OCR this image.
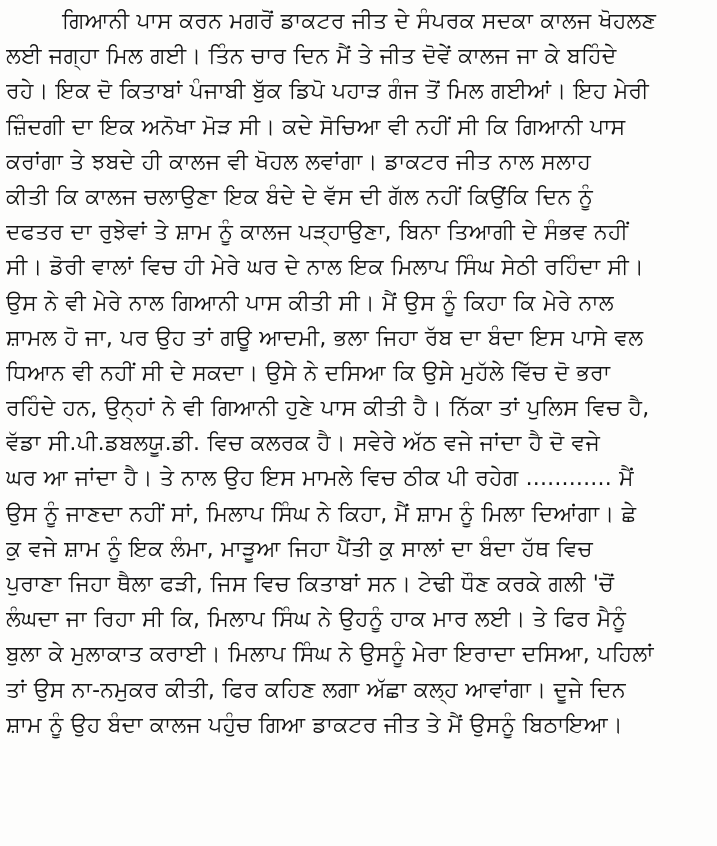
ਗਿਆਨੀ ਪਾਸ ਕਰਨ ਮਗਰੋਂ ਡਾਕਟਰ ਜੀਤ ਦੇ ਸੰਪਰਕ ਸਦਕਾ ਕਾਲਜ ਖੋਹਲਣ
ਲਈ ਜਗ੍ਹਾ ਮਿਲ ਗਈ। ਤਿੰਨ ਚਾਰ ਦਿਨ ਮੈਂ ਤੇ ਜੀਤ ਦੋਵੇਂ ਕਾਲਜ ਜਾ ਕੇ ਬਹਿੰਦੇ
ਰਹੇ। ਇਕ ਦੋ ਕਿਤਾਬਾਂ ਪੰਜਾਬੀ ਬੁੱਕ ਡਿਪੋ ਪਹਾੜ ਗੰਜ ਤੋਂ ਮਿਲ ਗਈਆਂ। ਇਹ ਮੇਰੀ
ਜ਼ਿੰਦਗੀ ਦਾ ਇਕ ਅਨੋਖਾ ਮੋੜ ਸੀ। ਕਦੇ ਸੋਚਿਆ ਵੀ ਨਹੀਂ ਸੀ ਕਿ ਗਿਆਨੀ ਪਾਸ
ਕਰਾਂਗਾ ਤੇ ਝਬਦੇ ਹੀ ਕਾਲਜ ਵੀ ਖੋਹਲ ਲਵਾਂਗਾ। ਡਾਕਟਰ ਜੀਤ ਨਾਲ ਸਲਾਹ
ਕੀਤੀ ਕਿ ਕਾਲਜ ਚਲਾਉਣਾ ਇਕ ਬੰਦੇ ਦੇ ਵੱਸ ਦੀ ਗੱਲ ਨਹੀਂ ਕਿਉਂਕਿ ਦਿਨ ਨੂੰ
ਦਫਤਰ ਦਾ ਰੁਝੇਵਾਂ ਤੇ ਸ਼ਾਮ ਨੂੰ ਕਾਲਜ ਪੜ੍ਹਾਉਣਾ, ਬਿਨਾ ਤਿਆਗੀ ਦੇ ਸੰਭਵ ਨਹੀਂ
ਸੀ। ਡੋਰੀ ਵਾਲਾਂ ਵਿਚ ਹੀ ਮੇਰੇ ਘਰ ਦੇ ਨਾਲ ਇਕ ਮਿਲਾਪ ਸਿੰਘ ਸੇਠੀ ਰਹਿੰਦਾ ਸੀ।
ਉਸ ਨੇ ਵੀ ਮੇਰੇ ਨਾਲ ਗਿਆਨੀ ਪਾਸ ਕੀਤੀ ਸੀ। ਮੈਂ ਉਸ ਨੂੰ ਕਿਹਾ ਕਿ ਮੇਰੇ ਨਾਲ
ਸ਼ਾਮਲ ਹੋ ਜਾ, ਪਰ ਉਹ ਤਾਂ ਗਊ ਆਦਮੀ, ਭਲਾ ਜਿਹਾ ਰੱਬ ਦਾ ਬੰਦਾ ਇਸ ਪਾਸੇ ਵਲ
ਧਿਆਨ ਵੀ ਨਹੀਂ ਸੀ ਦੇ ਸਕਦਾ। ਉਸੇ ਨੇ ਦਸਿਆ ਕਿ ਉਸੇ ਮੁਹੱਲੇ ਵਿੱਚ ਦੋ ਭਰਾ
ਰਹਿੰਦੇ ਹਨ, ਉਨ੍ਹਾਂ ਨੇ ਵੀ ਗਿਆਨੀ ਹੁਣੇ ਪਾਸ ਕੀਤੀ ਹੈ। ਨਿੱਕਾ ਤਾਂ ਪੁਲਿਸ ਵਿਚ ਹੈ,
ਵੱਡਾ ਸੀ.ਪੀ.ਡਬਲਯੂ.ਡੀ. ਵਿਚ ਕਲਰਕ ਹੈ। ਸਵੇਰੇ ਅੱਠ ਵਜੇ ਜਾਂਦਾ ਹੈ ਦੋ ਵਜੇ
ਘਰ ਆ ਜਾਂਦਾ ਹੈ। ਤੇ ਨਾਲ ਉਹ ਇਸ ਮਾਮਲੇ ਵਿਚ ਠੀਕ ਪੀ ਰਹੇਗ ............ ਮੈਂ
ਉਸ ਨੂੰ ਜਾਣਦਾ ਨਹੀਂ ਸਾਂ, ਮਿਲਾਪ ਸਿੰਘ ਨੇ ਕਿਹਾ, ਮੈਂ ਸ਼ਾਮ ਨੂੰ ਮਿਲਾ ਦਿਆਂਗਾ। ਛੇ
ਕੁ ਵਜੇ ਸ਼ਾਮ ਨੂੰ ਇਕ ਲੰਮਾ, ਮਾੜੂਆ ਜਿਹਾ ਪੈਂਤੀ ਕੁ ਸਾਲਾਂ ਦਾ ਬੰਦਾ ਹੱਥ ਵਿਚ
ਪੁਰਾਣਾ ਜਿਹਾ ਥੈਲਾ ਫੜੀ, ਜਿਸ ਵਿਚ ਕਿਤਾਬਾਂ ਸਨ। ਟੇਢੀ ਧੌਣ ਕਰਕੇ ਗਲੀ 'ਚੋਂ
ਲੰਘਦਾ ਜਾ ਰਿਹਾ ਸੀ ਕਿ, ਮਿਲਾਪ ਸਿੰਘ ਨੇ ਉਹਨੂੰ ਹਾਕ ਮਾਰ ਲਈ। ਤੇ ਫਿਰ ਮੈਨੂੰ
ਬੁਲਾ ਕੇ ਮੁਲਾਕਾਤ ਕਰਾਈ। ਮਿਲਾਪ ਸਿੰਘ ਨੇ ਉਸਨੂੰ ਮੇਰਾ ਇਰਾਦਾ ਦਸਿਆ, ਪਹਿਲਾਂ
ਤਾਂ ਉਸ ਨਾ-ਨਮੁਕਰ ਕੀਤੀ, ਫਿਰ ਕਹਿਣ ਲਗਾ ਅੱਛਾ ਕਲ੍ਹ ਆਵਾਂਗਾ। ਦੂਜੇ ਦਿਨ
ਸ਼ਾਮ ਨੂੰ ਉਹ ਬੰਦਾ ਕਾਲਜ ਪਹੁੰਚ ਗਿਆ ਡਾਕਟਰ ਜੀਤ ਤੇ ਮੈਂ ਉਸਨੂੰ ਬਿਠਾਇਆ।
